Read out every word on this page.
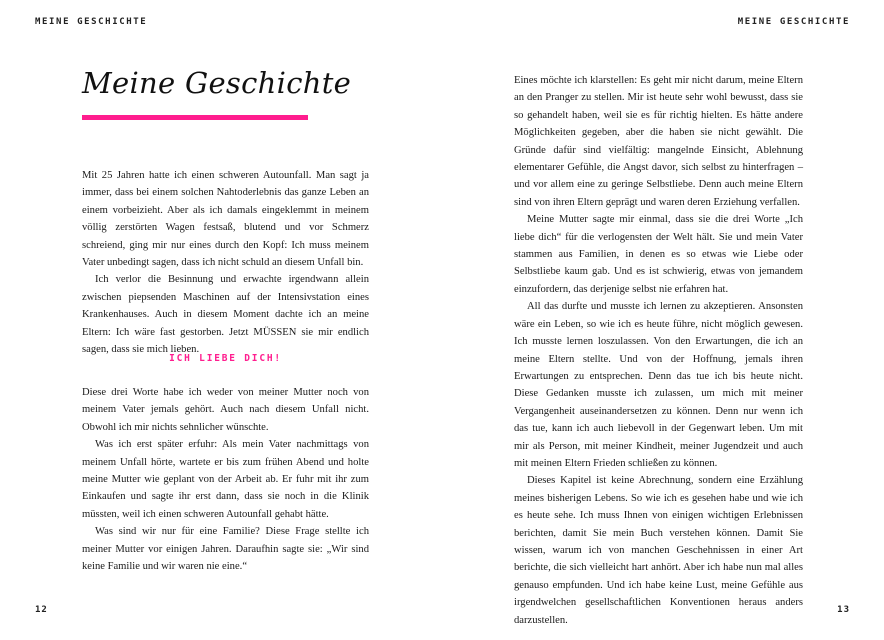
MEINE GESCHICHTE
Meine Geschichte

Mit 25 Jahren hatte ich einen schweren Autounfall. Man sagt ja immer, dass bei einem solchen Nahtoderlebnis das ganze Leben an einem vorbeizieht. Aber als ich damals eingeklemmt in meinem völlig zerstörten Wagen festsaß, blutend und vor Schmerz schreiend, ging mir nur eines durch den Kopf: Ich muss meinem Vater unbedingt sagen, dass ich nicht schuld an diesem Unfall bin.

Ich verlor die Besinnung und erwachte irgendwann allein zwischen piepsenden Maschinen auf der Intensivstation eines Krankenhauses. Auch in diesem Moment dachte ich an meine Eltern: Ich wäre fast gestorben. Jetzt MÜSSEN sie mir endlich sagen, dass sie mich lieben.

ICH LIEBE DICH!

Diese drei Worte habe ich weder von meiner Mutter noch von meinem Vater jemals gehört. Auch nach diesem Unfall nicht. Obwohl ich mir nichts sehnlicher wünschte.

Was ich erst später erfuhr: Als mein Vater nachmittags von meinem Unfall hörte, wartete er bis zum frühen Abend und holte meine Mutter wie geplant von der Arbeit ab. Er fuhr mit ihr zum Einkaufen und sagte ihr erst dann, dass sie noch in die Klinik müssten, weil ich einen schweren Autounfall gehabt hätte.

Was sind wir nur für eine Familie? Diese Frage stellte ich meiner Mutter vor einigen Jahren. Daraufhin sagte sie: „Wir sind keine Familie und wir waren nie eine.“

12
MEINE GESCHICHTE

Eines möchte ich klarstellen: Es geht mir nicht darum, meine Eltern an den Pranger zu stellen. Mir ist heute sehr wohl bewusst, dass sie so gehandelt haben, weil sie es für richtig hielten. Es hätte andere Möglichkeiten gegeben, aber die haben sie nicht gewählt. Die Gründe dafür sind vielfältig: mangelnde Einsicht, Ablehnung elementarer Gefühle, die Angst davor, sich selbst zu hinterfragen – und vor allem eine zu geringe Selbstliebe. Denn auch meine Eltern sind von ihren Eltern geprägt und waren deren Erziehung verfallen.

Meine Mutter sagte mir einmal, dass sie die drei Worte „Ich liebe dich“ für die verlogensten der Welt hält. Sie und mein Vater stammen aus Familien, in denen es so etwas wie Liebe oder Selbstliebe kaum gab. Und es ist schwierig, etwas von jemandem einzufordern, das derjenige selbst nie erfahren hat.

All das durfte und musste ich lernen zu akzeptieren. Ansonsten wäre ein Leben, so wie ich es heute führe, nicht möglich gewesen. Ich musste lernen loszulassen. Von den Erwartungen, die ich an meine Eltern stellte. Und von der Hoffnung, jemals ihren Erwartungen zu entsprechen. Denn das tue ich bis heute nicht. Diese Gedanken musste ich zulassen, um mich mit meiner Vergangenheit auseinandersetzen zu können. Denn nur wenn ich das tue, kann ich auch liebevoll in der Gegenwart leben. Um mit mir als Person, mit meiner Kindheit, meiner Jugendzeit und auch mit meinen Eltern Frieden schließen zu können.

Dieses Kapitel ist keine Abrechnung, sondern eine Erzählung meines bisherigen Lebens. So wie ich es gesehen habe und wie ich es heute sehe. Ich muss Ihnen von einigen wichtigen Erlebnissen berichten, damit Sie mein Buch verstehen können. Damit Sie wissen, warum ich von manchen Geschehnissen in einer Art berichte, die sich vielleicht hart anhört. Aber ich habe nun mal alles genauso empfunden. Und ich habe keine Lust, meine Gefühle aus irgendwelchen gesellschaftlichen Konventionen heraus anders darzustellen.

13
